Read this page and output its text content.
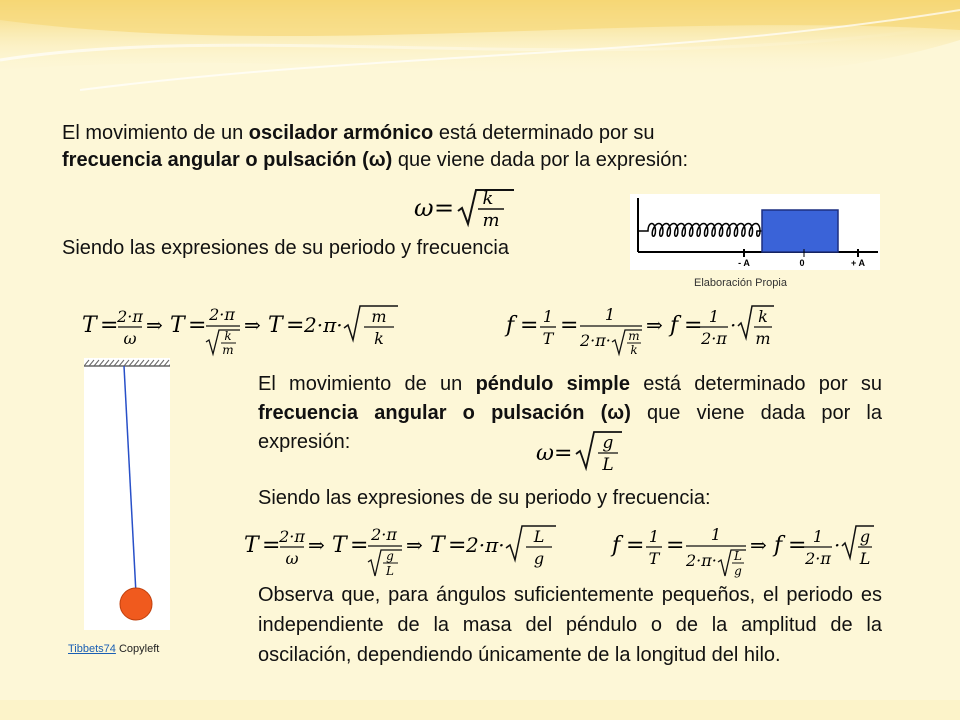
El movimiento de un oscilador armónico está determinado por su
frecuencia angular o pulsación (ω) que viene dada por la expresión:
ω = k
m
Siendo las expresiones de su periodo y frecuencia
- A	0	+ A
Elaboración Propia
T =
2·π
ω
⇒ T = 2·π
k
m
⇒ T = 2·π· m
k
f = 1
T
= 1
2·π· m
k
⇒ f = 1
2·π
· k
m
Tibbets74 Copyleft
El movimiento de un péndulo simple está determinado por su frecuencia angular o pulsación (ω) que viene dada por la expresión:	ω = g
L
Siendo las expresiones de su periodo y frecuencia:
T =
2·π
ω
⇒ T = 2·π
g
L
⇒ T = 2·π· L
g
f = 1
T
= 1
2·π· L
g
⇒ f = 1
2·π
· g
L
Observa que, para ángulos suficientemente pequeños, el periodo es independiente de la masa del péndulo o de la amplitud de la oscilación, dependiendo únicamente de la longitud del hilo.
